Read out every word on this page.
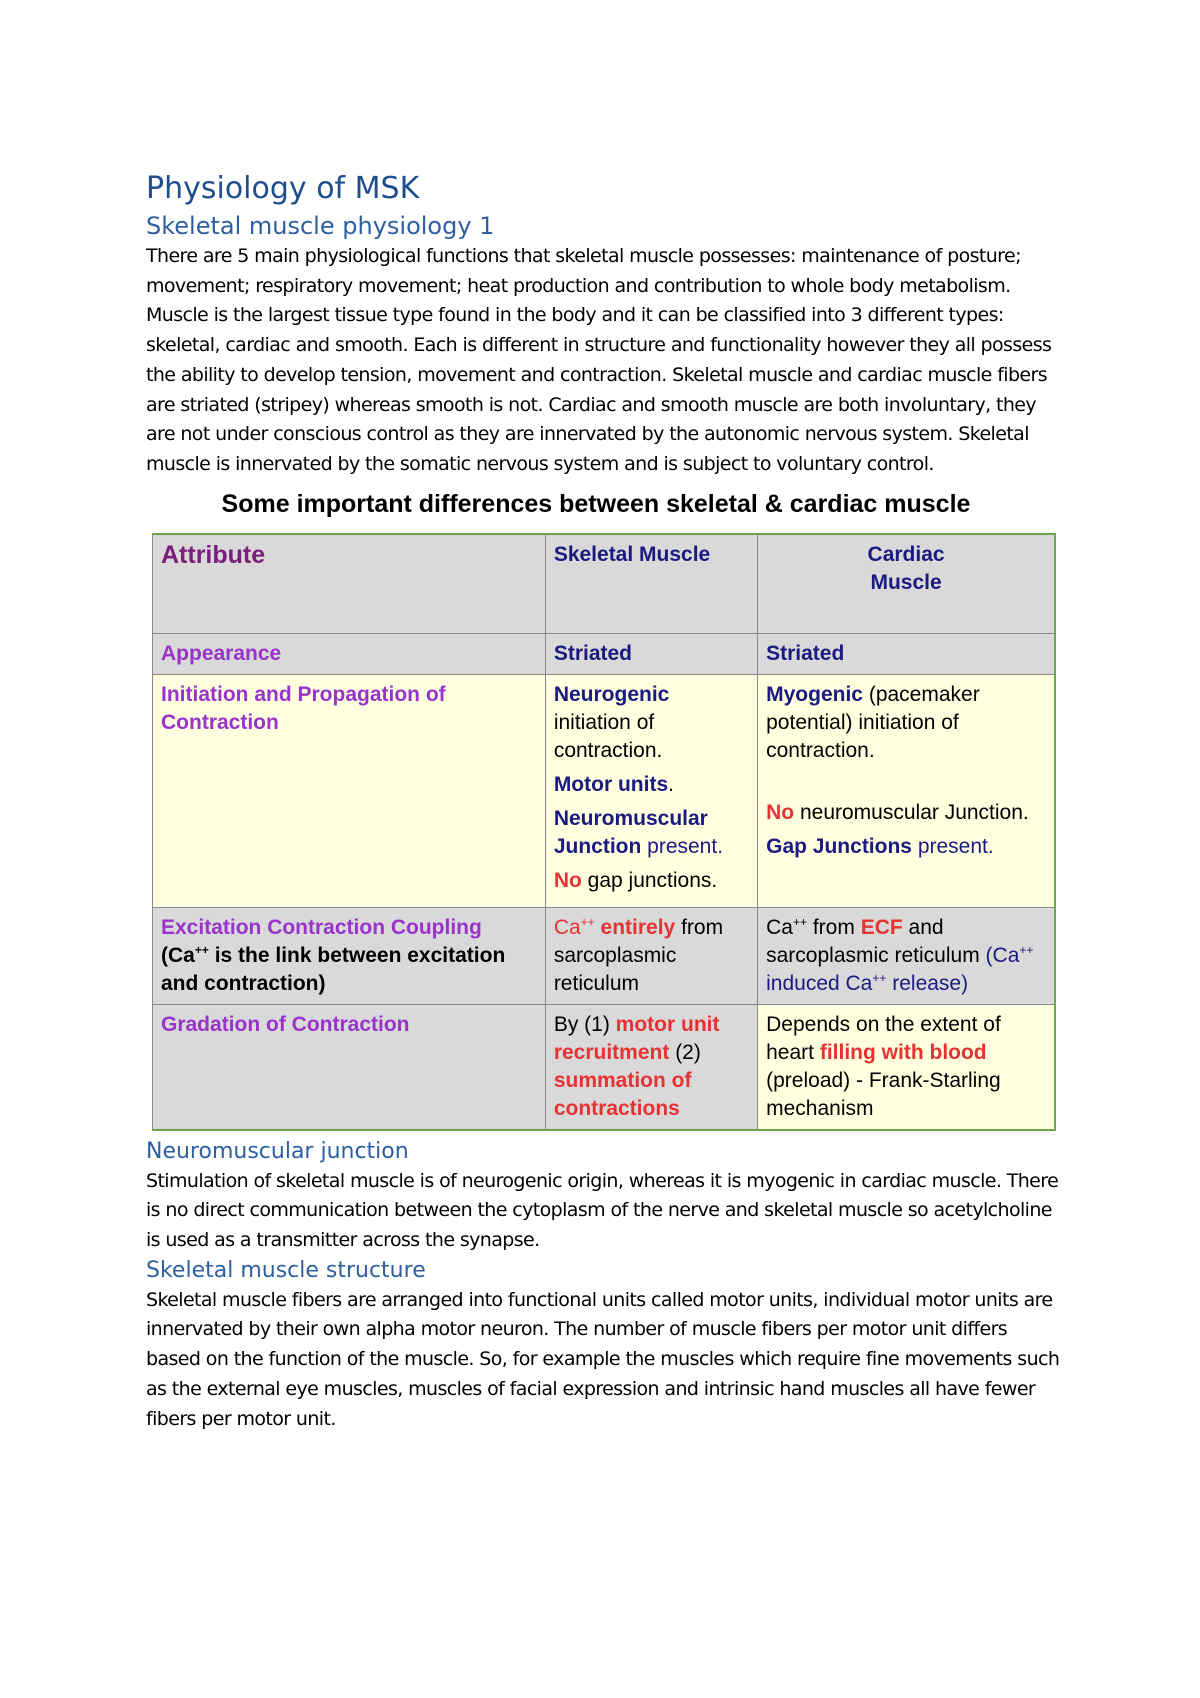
Physiology of MSK
Skeletal muscle physiology 1

There are 5 main physiological functions that skeletal muscle possesses: maintenance of posture; movement; respiratory movement; heat production and contribution to whole body metabolism.

Muscle is the largest tissue type found in the body and it can be classified into 3 different types: skeletal, cardiac and smooth. Each is different in structure and functionality however they all possess the ability to develop tension, movement and contraction. Skeletal muscle and cardiac muscle fibers are striated (stripey) whereas smooth is not. Cardiac and smooth muscle are both involuntary, they are not under conscious control as they are innervated by the autonomic nervous system. Skeletal muscle is innervated by the somatic nervous system and is subject to voluntary control.

Some important differences between skeletal & cardiac muscle
Attribute	Skeletal Muscle	Cardiac Muscle
Appearance	Striated	Striated
Initiation and Propagation of Contraction	Neurogenic initiation of contraction.
Motor units.
Neuromuscular Junction present.
No gap junctions.	Myogenic (pacemaker potential) initiation of contraction.
No neuromuscular Junction.
Gap Junctions present.

Excitation Contraction Coupling
(Ca++ is the link between excitation and contraction)	Ca++ entirely from sarcoplasmic reticulum	Ca++ from ECF and sarcoplasmic reticulum (Ca++ induced Ca++ release)
Gradation of Contraction	By (1) motor unit recruitment (2) summation of contractions	Depends on the extent of heart filling with blood (preload) - Frank-Starling mechanism
Neuromuscular junction

Stimulation of skeletal muscle is of neurogenic origin, whereas it is myogenic in cardiac muscle. There is no direct communication between the cytoplasm of the nerve and skeletal muscle so acetylcholine is used as a transmitter across the synapse.

Skeletal muscle structure

Skeletal muscle fibers are arranged into functional units called motor units, individual motor units are innervated by their own alpha motor neuron. The number of muscle fibers per motor unit differs based on the function of the muscle. So, for example the muscles which require fine movements such as the external eye muscles, muscles of facial expression and intrinsic hand muscles all have fewer fibers per motor unit.
